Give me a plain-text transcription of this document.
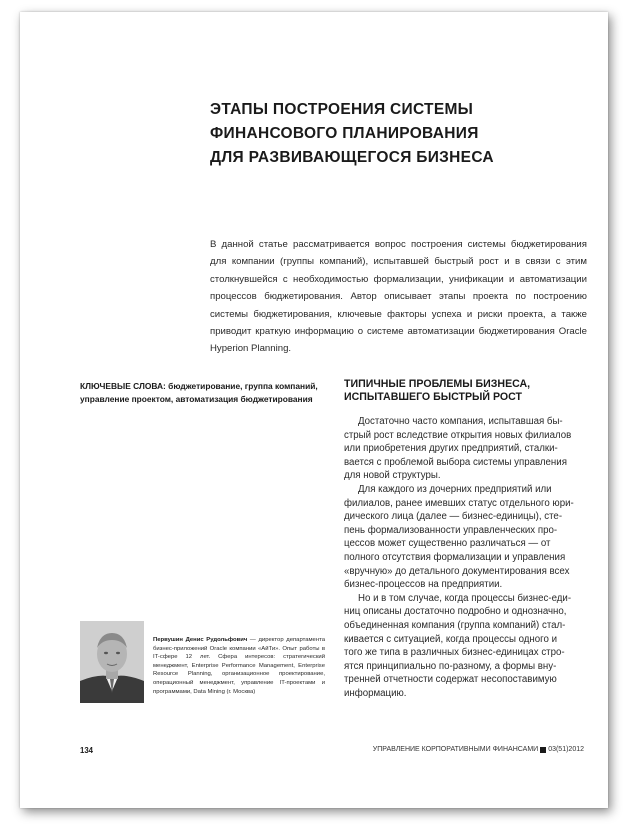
ЭТАПЫ ПОСТРОЕНИЯ СИСТЕМЫ
ФИНАНСОВОГО ПЛАНИРОВАНИЯ
ДЛЯ РАЗВИВАЮЩЕГОСЯ БИЗНЕСА
В данной статье рассматривается вопрос построения системы бюджетирования для компании (группы компаний), испытавшей быстрый рост и в связи с этим столкнувшейся с необходимостью формализации, унификации и автоматизации процессов бюджетирования. Автор описывает этапы проекта по построению системы бюджетирования, ключевые факторы успеха и риски проекта, а также приводит краткую информацию о системе автоматизации бюджетирования Oracle Hyperion Planning.
КЛЮЧЕВЫЕ СЛОВА: бюджетирование, группа компаний, управление проектом, автоматизация бюджетирования
ТИПИЧНЫЕ ПРОБЛЕМЫ БИЗНЕСА,
ИСПЫТАВШЕГО БЫСТРЫЙ РОСТ
Достаточно часто компания, испытавшая бы-
стрый рост вследствие открытия новых филиалов
или приобретения других предприятий, сталки-
вается с проблемой выбора системы управления
для новой структуры.
Для каждого из дочерних предприятий или
филиалов, ранее имевших статус отдельного юри-
дического лица (далее — бизнес-единицы), сте-
пень формализованности управленческих про-
цессов может существенно различаться — от
полного отсутствия формализации и управления
«вручную» до детального документирования всех
бизнес-процессов на предприятии.
Но и в том случае, когда процессы бизнес-еди-
ниц описаны достаточно подробно и однозначно,
объединенная компания (группа компаний) стал-
кивается с ситуацией, когда процессы одного и
того же типа в различных бизнес-единицах стро-
ятся принципиально по-разному, а формы вну-
тренней отчетности содержат несопоставимую
информацию.
Первушин Денис Рудольфович — директор департамента бизнес-приложений Oracle компании «АйТи». Опыт работы в IT-сфере 12 лет. Сфера интересов: стратегический менеджмент, Enterprise Performance Management, Enterprise Resource Planning, организационное проектирование, операционный менеджмент, управление IT-проектами и программами, Data Mining (г. Москва)
134	УПРАВЛЕНИЕ КОРПОРАТИВНЫМИ ФИНАНСАМИ 03(51)2012
